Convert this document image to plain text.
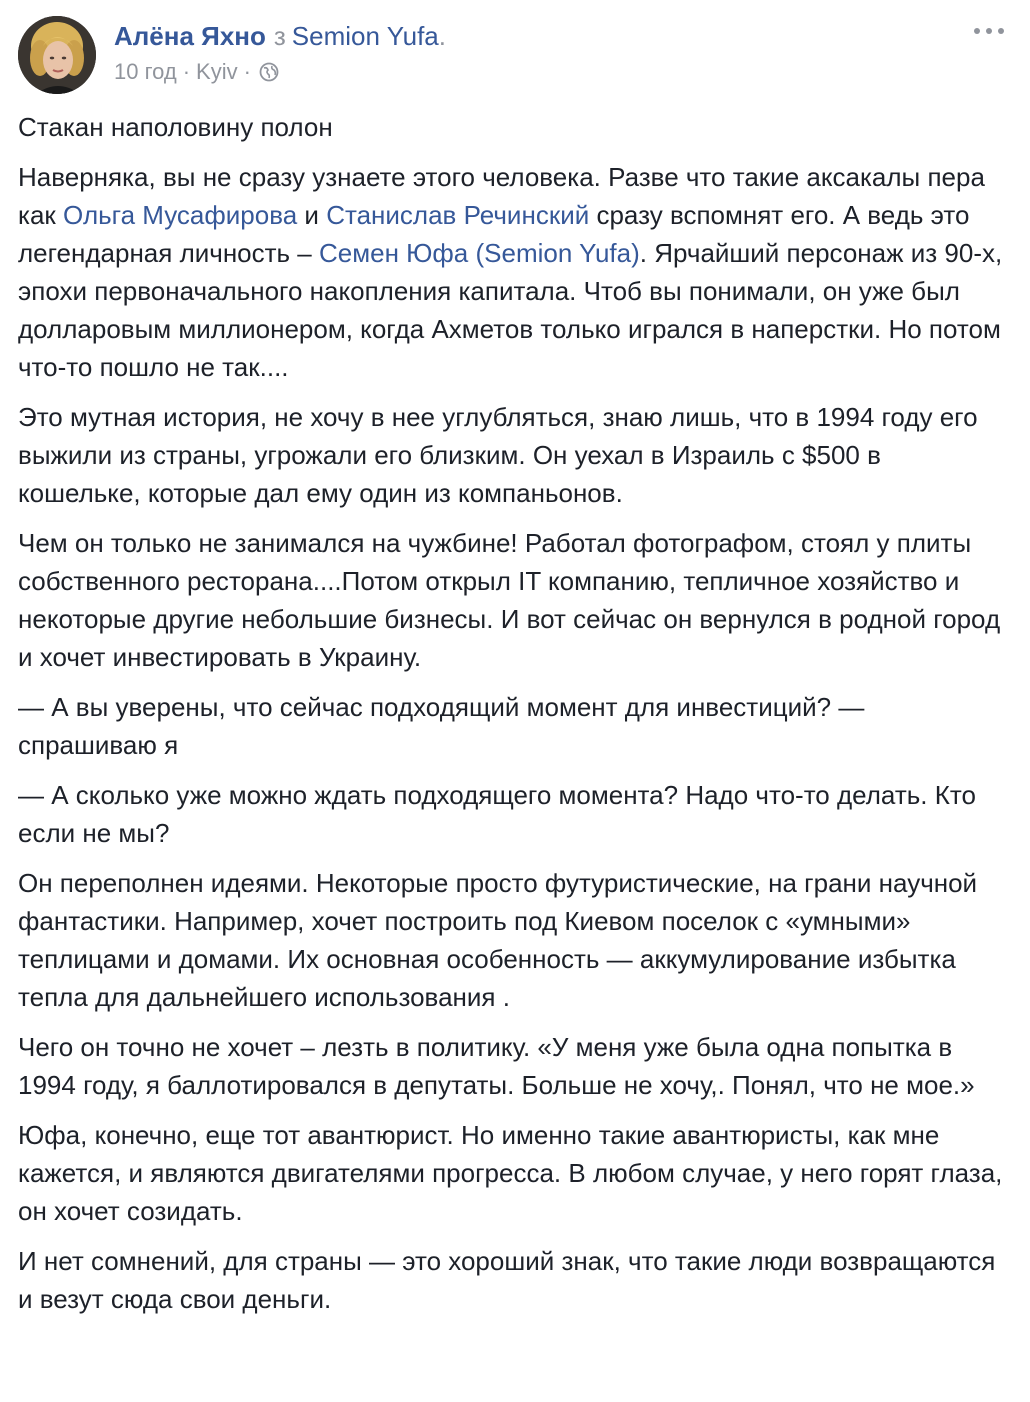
Алёна Яхно з Semion Yufa.
10 год · Kyiv ·

Стакан наполовину полон

Наверняка, вы не сразу узнаете этого человека. Разве что такие аксакалы пера как Ольга Мусафирова и Станислав Речинский сразу вспомнят его. А ведь это легендарная личность – Семен Юфа (Semion Yufa). Ярчайший персонаж из 90-х, эпохи первоначального накопления капитала. Чтоб вы понимали, он уже был долларовым миллионером, когда Ахметов только игрался в наперстки. Но потом что-то пошло не так....

Это мутная история, не хочу в нее углубляться, знаю лишь, что в 1994 году его выжили из страны, угрожали его близким. Он уехал в Израиль с $500 в кошельке, которые дал ему один из компаньонов.

Чем он только не занимался на чужбине! Работал фотографом, стоял у плиты собственного ресторана....Потом открыл IT компанию, тепличное хозяйство и некоторые другие небольшие бизнесы. И вот сейчас он вернулся в родной город и хочет инвестировать в Украину.

— А вы уверены, что сейчас подходящий момент для инвестиций? — спрашиваю я

— А сколько уже можно ждать подходящего момента? Надо что-то делать. Кто если не мы?

Он переполнен идеями. Некоторые просто футуристические, на грани научной фантастики. Например, хочет построить под Киевом поселок с «умными» теплицами и домами. Их основная особенность — аккумулирование избытка тепла для дальнейшего использования .

Чего он точно не хочет – лезть в политику. «У меня уже была одна попытка в 1994 году, я баллотировался в депутаты. Больше не хочу,. Понял, что не мое.»

Юфа, конечно, еще тот авантюрист. Но именно такие авантюристы, как мне кажется, и являются двигателями прогресса. В любом случае, у него горят глаза, он хочет созидать.

И нет сомнений, для страны — это хороший знак, что такие люди возвращаются и везут сюда свои деньги.
